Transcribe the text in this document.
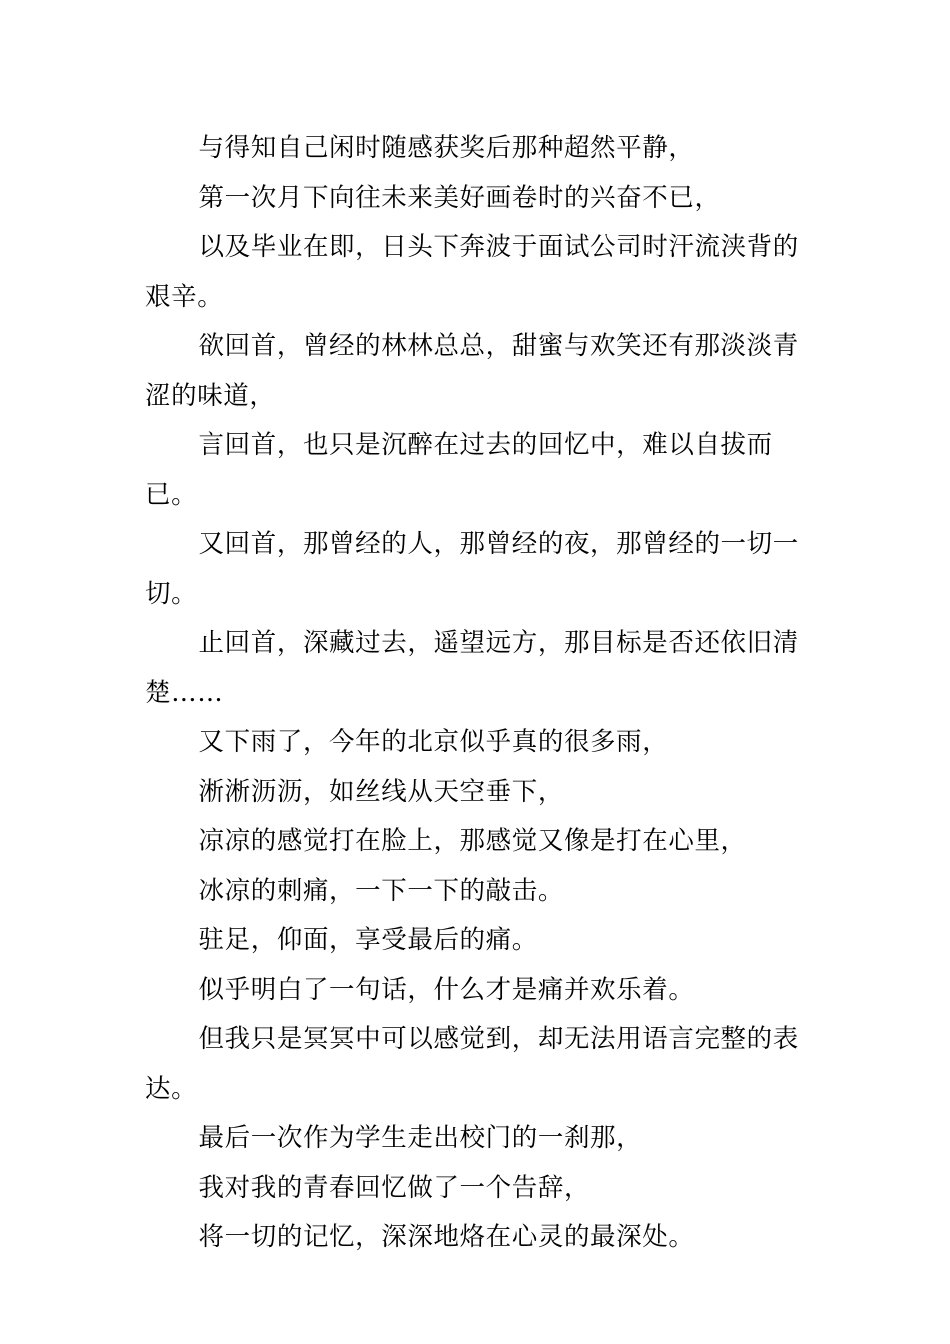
与得知自己闲时随感获奖后那种超然平静，

第一次月下向往未来美好画卷时的兴奋不已，

以及毕业在即，日头下奔波于面试公司时汗流浃背的艰辛。

欲回首，曾经的林林总总，甜蜜与欢笑还有那淡淡青涩的味道，

言回首，也只是沉醉在过去的回忆中，难以自拔而已。

又回首，那曾经的人，那曾经的夜，那曾经的一切一切。

止回首，深藏过去，遥望远方，那目标是否还依旧清楚……

又下雨了，今年的北京似乎真的很多雨，

淅淅沥沥，如丝线从天空垂下，

凉凉的感觉打在脸上，那感觉又像是打在心里，

冰凉的刺痛，一下一下的敲击。

驻足，仰面，享受最后的痛。

似乎明白了一句话，什么才是痛并欢乐着。

但我只是冥冥中可以感觉到，却无法用语言完整的表达。

最后一次作为学生走出校门的一刹那，

我对我的青春回忆做了一个告辞，

将一切的记忆，深深地烙在心灵的最深处。
